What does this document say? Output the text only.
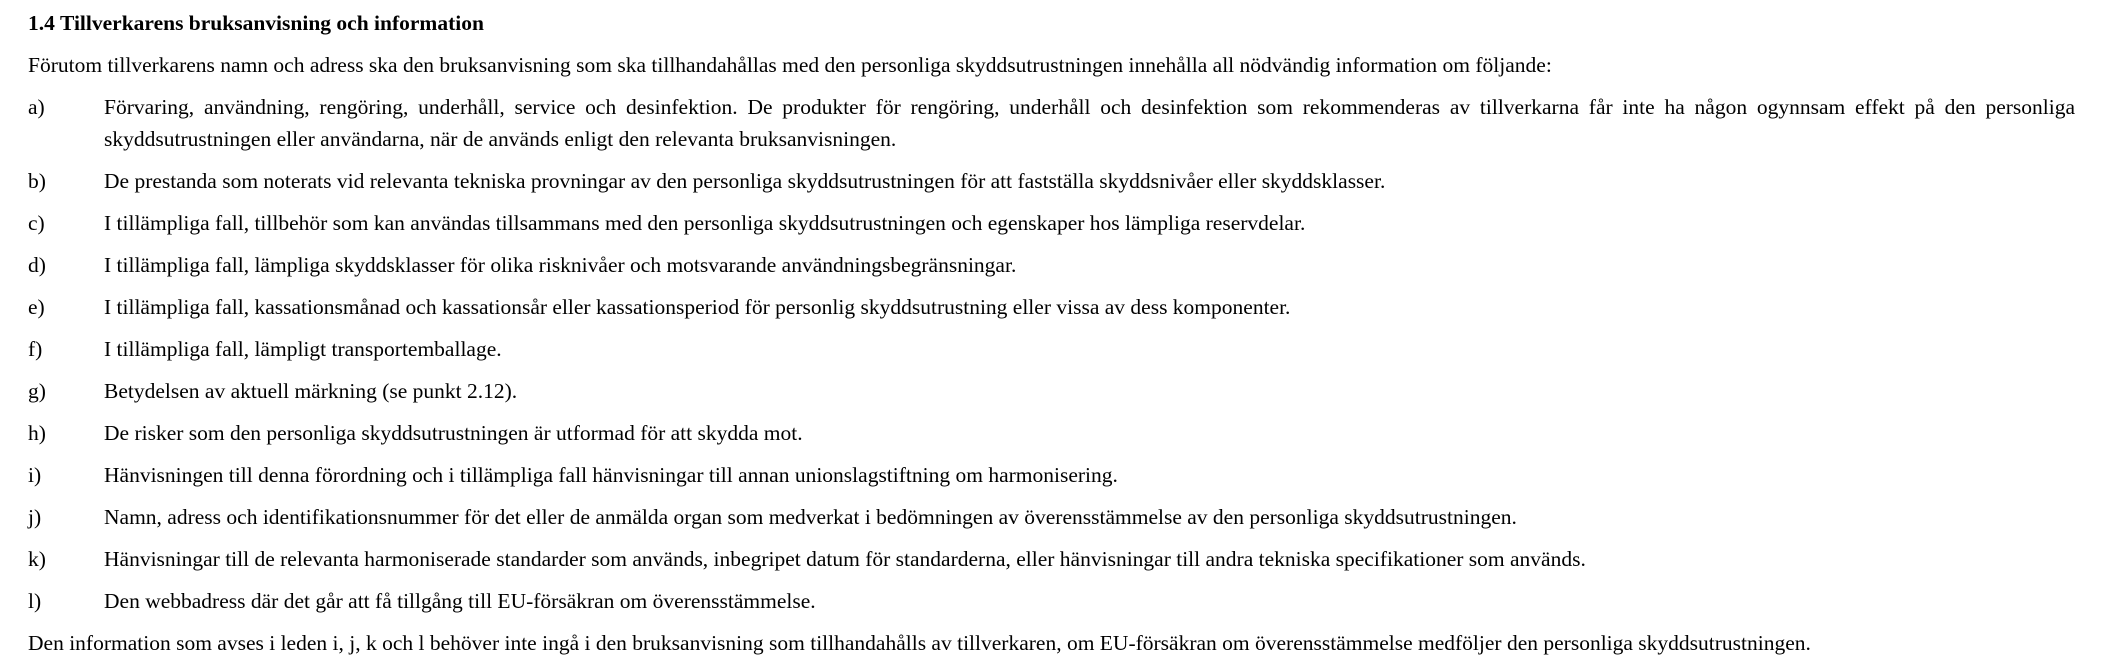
1.4 Tillverkarens bruksanvisning och information

Förutom tillverkarens namn och adress ska den bruksanvisning som ska tillhandahållas med den personliga skyddsutrustningen innehålla all nödvändig information om följande:

a)	Förvaring, användning, rengöring, underhåll, service och desinfektion. De produkter för rengöring, underhåll och desinfektion som rekommenderas av tillverkarna får inte ha någon ogynnsam effekt på den personliga skyddsutrustningen eller användarna, när de används enligt den relevanta bruksanvisningen.
b)	De prestanda som noterats vid relevanta tekniska provningar av den personliga skyddsutrustningen för att fastställa skyddsnivåer eller skyddsklasser.
c)	I tillämpliga fall, tillbehör som kan användas tillsammans med den personliga skyddsutrustningen och egenskaper hos lämpliga reservdelar.
d)	I tillämpliga fall, lämpliga skyddsklasser för olika risknivåer och motsvarande användningsbegränsningar.
e)	I tillämpliga fall, kassationsmånad och kassationsår eller kassationsperiod för personlig skyddsutrustning eller vissa av dess komponenter.
f)	I tillämpliga fall, lämpligt transportemballage.
g)	Betydelsen av aktuell märkning (se punkt 2.12).
h)	De risker som den personliga skyddsutrustningen är utformad för att skydda mot.
i)	Hänvisningen till denna förordning och i tillämpliga fall hänvisningar till annan unionslagstiftning om harmonisering.
j)	Namn, adress och identifikationsnummer för det eller de anmälda organ som medverkat i bedömningen av överensstämmelse av den personliga skyddsutrustningen.
k)	Hänvisningar till de relevanta harmoniserade standarder som används, inbegripet datum för standarderna, eller hänvisningar till andra tekniska specifikationer som används.
l)	Den webbadress där det går att få tillgång till EU-försäkran om överensstämmelse.

Den information som avses i leden i, j, k och l behöver inte ingå i den bruksanvisning som tillhandahålls av tillverkaren, om EU-försäkran om överensstämmelse medföljer den personliga skyddsutrustningen.
